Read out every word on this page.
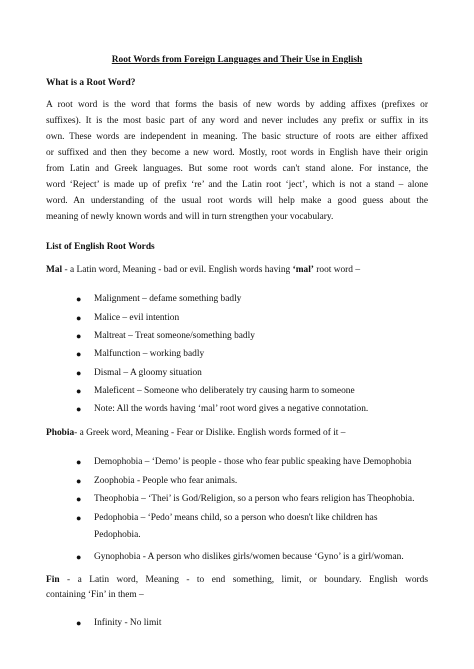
Root Words from Foreign Languages and Their Use in English
What is a Root Word?
A root word is the word that forms the basis of new words by adding affixes (prefixes or
suffixes). It is the most basic part of any word and never includes any prefix or suffix in its
own. These words are independent in meaning. The basic structure of roots are either affixed
or suffixed and then they become a new word. Mostly, root words in English have their origin
from Latin and Greek languages. But some root words can't stand alone. For instance, the
word ‘Reject’ is made up of prefix ‘re’ and the Latin root ‘ject’, which is not a stand – alone
word. An understanding of the usual root words will help make a good guess about the
meaning of newly known words and will in turn strengthen your vocabulary.
List of English Root Words
Mal - a Latin word, Meaning - bad or evil. English words having ‘mal’ root word –
● Malignment – defame something badly
● Malice – evil intention
● Maltreat – Treat someone/something badly
● Malfunction – working badly
● Dismal – A gloomy situation
● Maleficent – Someone who deliberately try causing harm to someone
● Note: All the words having ‘mal’ root word gives a negative connotation.
Phobia- a Greek word, Meaning - Fear or Dislike. English words formed of it –
● Demophobia – ‘Demo’ is people - those who fear public speaking have Demophobia
● Zoophobia - People who fear animals.
● Theophobia – ‘Thei’ is God/Religion, so a person who fears religion has Theophobia.
● Pedophobia – ‘Pedo’ means child, so a person who doesn't like children has
Pedophobia.
● Gynophobia - A person who dislikes girls/women because ‘Gyno’ is a girl/woman.
Fin - a Latin word, Meaning - to end something, limit, or boundary. English words
containing ‘Fin’ in them –
● Infinity - No limit
